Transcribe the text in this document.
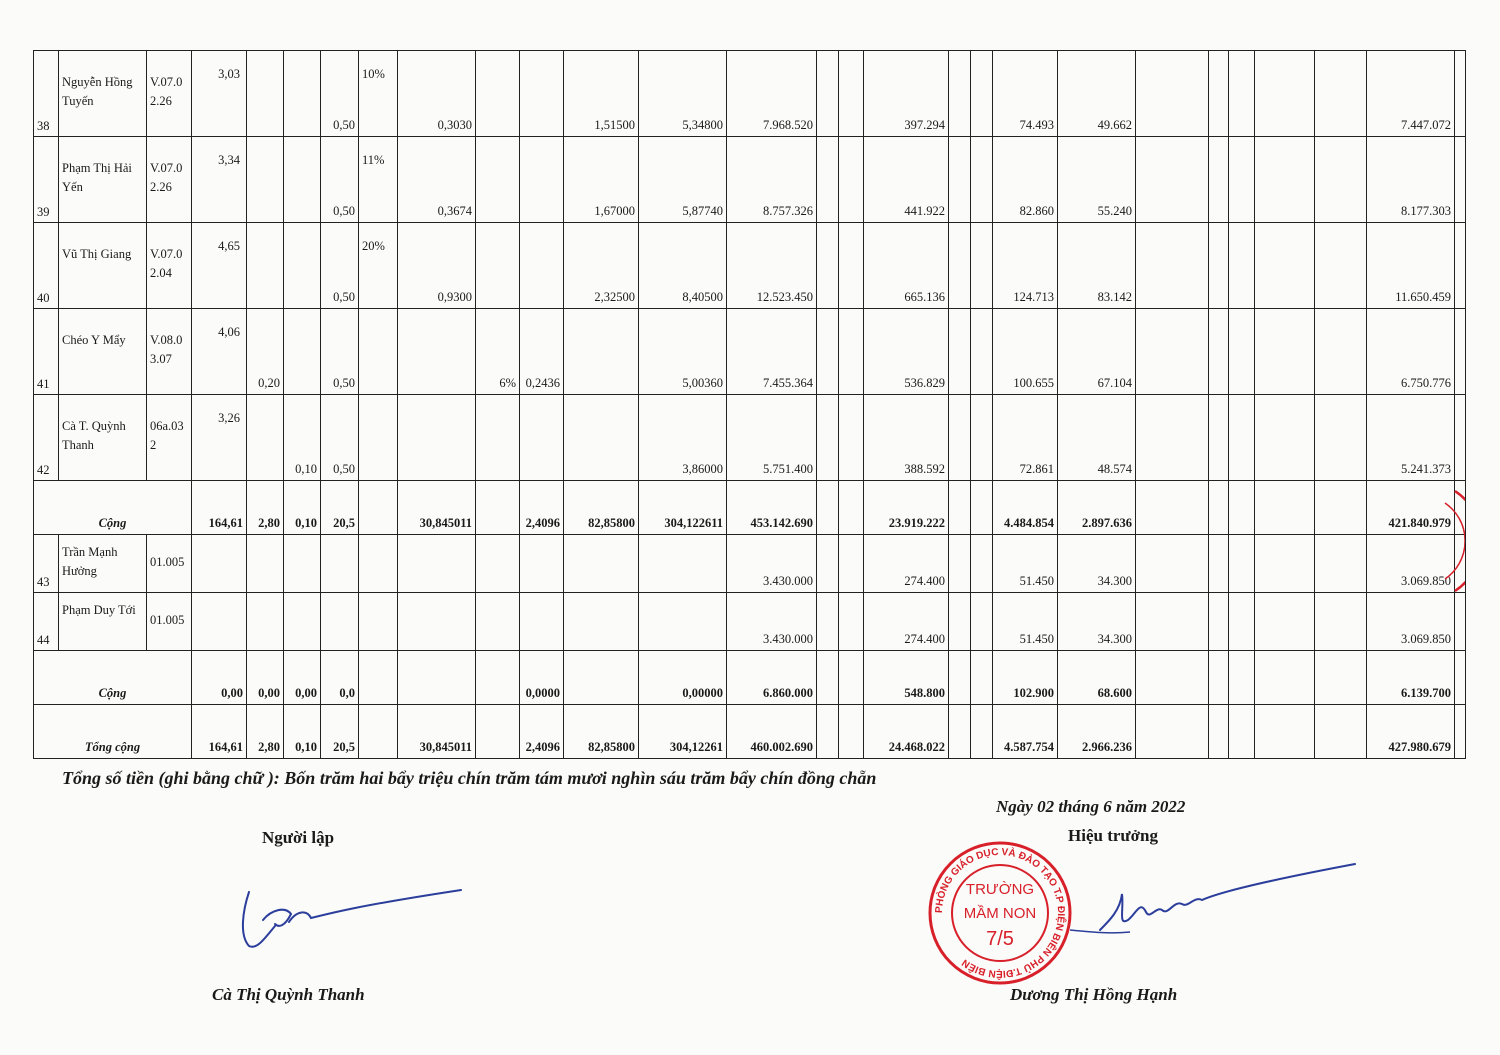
38	Nguyễn Hồng Tuyến	V.07.02.26	3,03			0,50	10%	0,3030			1,51500	5,34800	7.968.520			397.294			74.493	49.662						7.447.072	

39	Phạm Thị Hải Yến	V.07.02.26	3,34			0,50	11%	0,3674			1,67000	5,87740	8.757.326			441.922			82.860	55.240						8.177.303	

40	Vũ Thị Giang	V.07.02.04	4,65			0,50	20%	0,9300			2,32500	8,40500	12.523.450			665.136			124.713	83.142						11.650.459	

41	Chéo Y Mẩy	V.08.03.07	4,06	0,20		0,50			6%	0,2436		5,00360	7.455.364			536.829			100.655	67.104						6.750.776	

42	Cà T. Quỳnh Thanh	06a.032	3,26		0,10	0,50						3,86000	5.751.400			388.592			72.861	48.574						5.241.373	

Cộng			164,61	2,80	0,10	20,5		30,845011		2,4096	82,85800	304,122611	453.142.690			23.919.222			4.484.854	2.897.636						421.840.979	

43	Trần Mạnh Hưởng	01.005											3.430.000			274.400			51.450	34.300						3.069.850	

44	Phạm Duy Tới	01.005											3.430.000			274.400			51.450	34.300						3.069.850	

Cộng			0,00	0,00	0,00	0,0				0,0000		0,00000	6.860.000			548.800			102.900	68.600						6.139.700	

Tổng cộng			164,61	2,80	0,10	20,5		30,845011		2,4096	82,85800	304,12261	460.002.690			24.468.022			4.587.754	2.966.236						427.980.679	
Tổng số tiền (ghi bằng chữ ): Bốn trăm hai bẩy triệu chín trăm tám mươi nghìn sáu trăm bẩy chín đồng chẵn
Ngày 02 tháng 6 năm 2022
Người lập	Hiệu trưởng
Cà Thị Quỳnh Thanh	Dương Thị Hồng Hạnh
PHÒNG GIÁO DỤC VÀ ĐÀO TẠO T.P ĐIỆN BIÊN PHỦ T.ĐIỆN BIÊN
TRƯỜNG
MẦM NON
7/5
